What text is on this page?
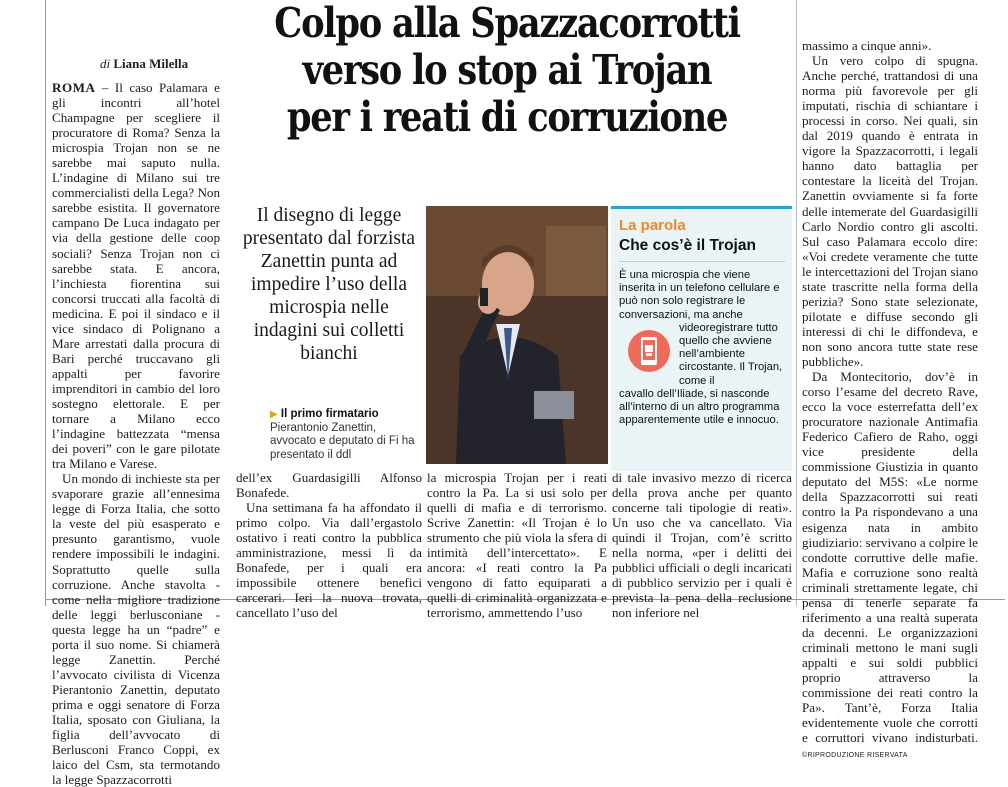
Colpo alla Spazzacorrotti
verso lo stop ai Trojan
per i reati di corruzione
di Liana Milella

ROMA – Il caso Palamara e gli incontri all’hotel Champagne per scegliere il procuratore di Roma? Senza la microspia Trojan non se ne sarebbe mai saputo nulla. L’indagine di Milano sui tre commercialisti della Lega? Non sarebbe esistita. Il governatore campano De Luca indagato per via della gestione delle coop sociali? Senza Trojan non ci sarebbe stata. E ancora, l’inchiesta fiorentina sui concorsi truccati alla facoltà di medicina. E poi il sindaco e il vice sindaco di Polignano a Mare arrestati dalla procura di Bari perché truccavano gli appalti per favorire imprenditori in cambio del loro sostegno elettorale. E per tornare a Milano ecco l’indagine battezzata “mensa dei poveri” con le gare pilotate tra Milano e Varese.

Un mondo di inchieste sta per svaporare grazie all’ennesima legge di Forza Italia, che sotto la veste del più esasperato e presunto garantismo, vuole rendere impossibili le indagini. Soprattutto quelle sulla corruzione. Anche stavolta - come nella migliore tradizione delle leggi berlusconiane - questa legge ha un “padre” e porta il suo nome. Si chiamerà legge Zanettin. Perché l’avvocato civilista di Vicenza Pierantonio Zanettin, deputato prima e oggi senatore di Forza Italia, sposato con Giuliana, la figlia dell’avvocato di Berlusconi Franco Coppi, ex laico del Csm, sta termotando la legge Spazzacorrotti

Il disegno di legge presentato dal forzista Zanettin punta ad impedire l’uso della microspia nelle indagini sui colletti bianchi
▶ Il primo firmatario
Pierantonio Zanettin, avvocato e deputato di Fi ha presentato il ddl
La parola
Che cos’è il Trojan
È una microspia che viene inserita in un telefono cellulare e può non solo registrare le conversazioni, ma anche
videoregistrare tutto quello che avviene nell’ambiente circostante. Il Trojan, come il
cavallo dell’Iliade, si nasconde all’interno di un altro programma apparentemente utile e innocuo.

dell’ex Guardasigilli Alfonso Bonafede.

Una settimana fa ha affondato il primo colpo. Via dall’ergastolo ostativo i reati contro la pubblica amministrazione, messi lì da Bonafede, per i quali era impossibile ottenere benefici carcerari. Ieri la nuova trovata, cancellato l’uso del

la microspia Trojan per i reati contro la Pa. La si usi solo per quelli di mafia e di terrorismo. Scrive Zanettin: «Il Trojan è lo strumento che più viola la sfera di intimità dell’intercettato». E ancora: «I reati contro la Pa vengono di fatto equiparati a quelli di criminalità organizzata e terrorismo, ammettendo l’uso

di tale invasivo mezzo di ricerca della prova anche per quanto concerne tali tipologie di reati». Un uso che va cancellato. Via quindi il Trojan, com’è scritto nella norma, «per i delitti dei pubblici ufficiali o degli incaricati di pubblico servizio per i quali è prevista la pena della reclusione non inferiore nel

massimo a cinque anni».

Un vero colpo di spugna. Anche perché, trattandosi di una norma più favorevole per gli imputati, rischia di schiantare i processi in corso. Nei quali, sin dal 2019 quando è entrata in vigore la Spazzacorrotti, i legali hanno dato battaglia per contestare la liceità del Trojan. Zanettin ovviamente si fa forte delle intemerate del Guardasigilli Carlo Nordio contro gli ascolti. Sul caso Palamara eccolo dire: «Voi credete veramente che tutte le intercettazioni del Trojan siano state trascritte nella forma della perizia? Sono state selezionate, pilotate e diffuse secondo gli interessi di chi le diffondeva, e non sono ancora tutte state rese pubbliche».

Da Montecitorio, dov’è in corso l’esame del decreto Rave, ecco la voce esterrefatta dell’ex procuratore nazionale Antimafia Federico Cafiero de Raho, oggi vice presidente della commissione Giustizia in quanto deputato del M5S: «Le norme della Spazzacorrotti sui reati contro la Pa rispondevano a una esigenza nata in ambito giudiziario: servivano a colpire le condotte corruttive delle mafie. Mafia e corruzione sono realtà criminali strettamente legate, chi pensa di tenerle separate fa riferimento a una realtà superata da decenni. Le organizzazioni criminali mettono le mani sugli appalti e sui soldi pubblici proprio attraverso la commissione dei reati contro la Pa». Tant’è, Forza Italia evidentemente vuole che corrotti e corruttori vivano indisturbati. ©RIPRODUZIONE RISERVATA
